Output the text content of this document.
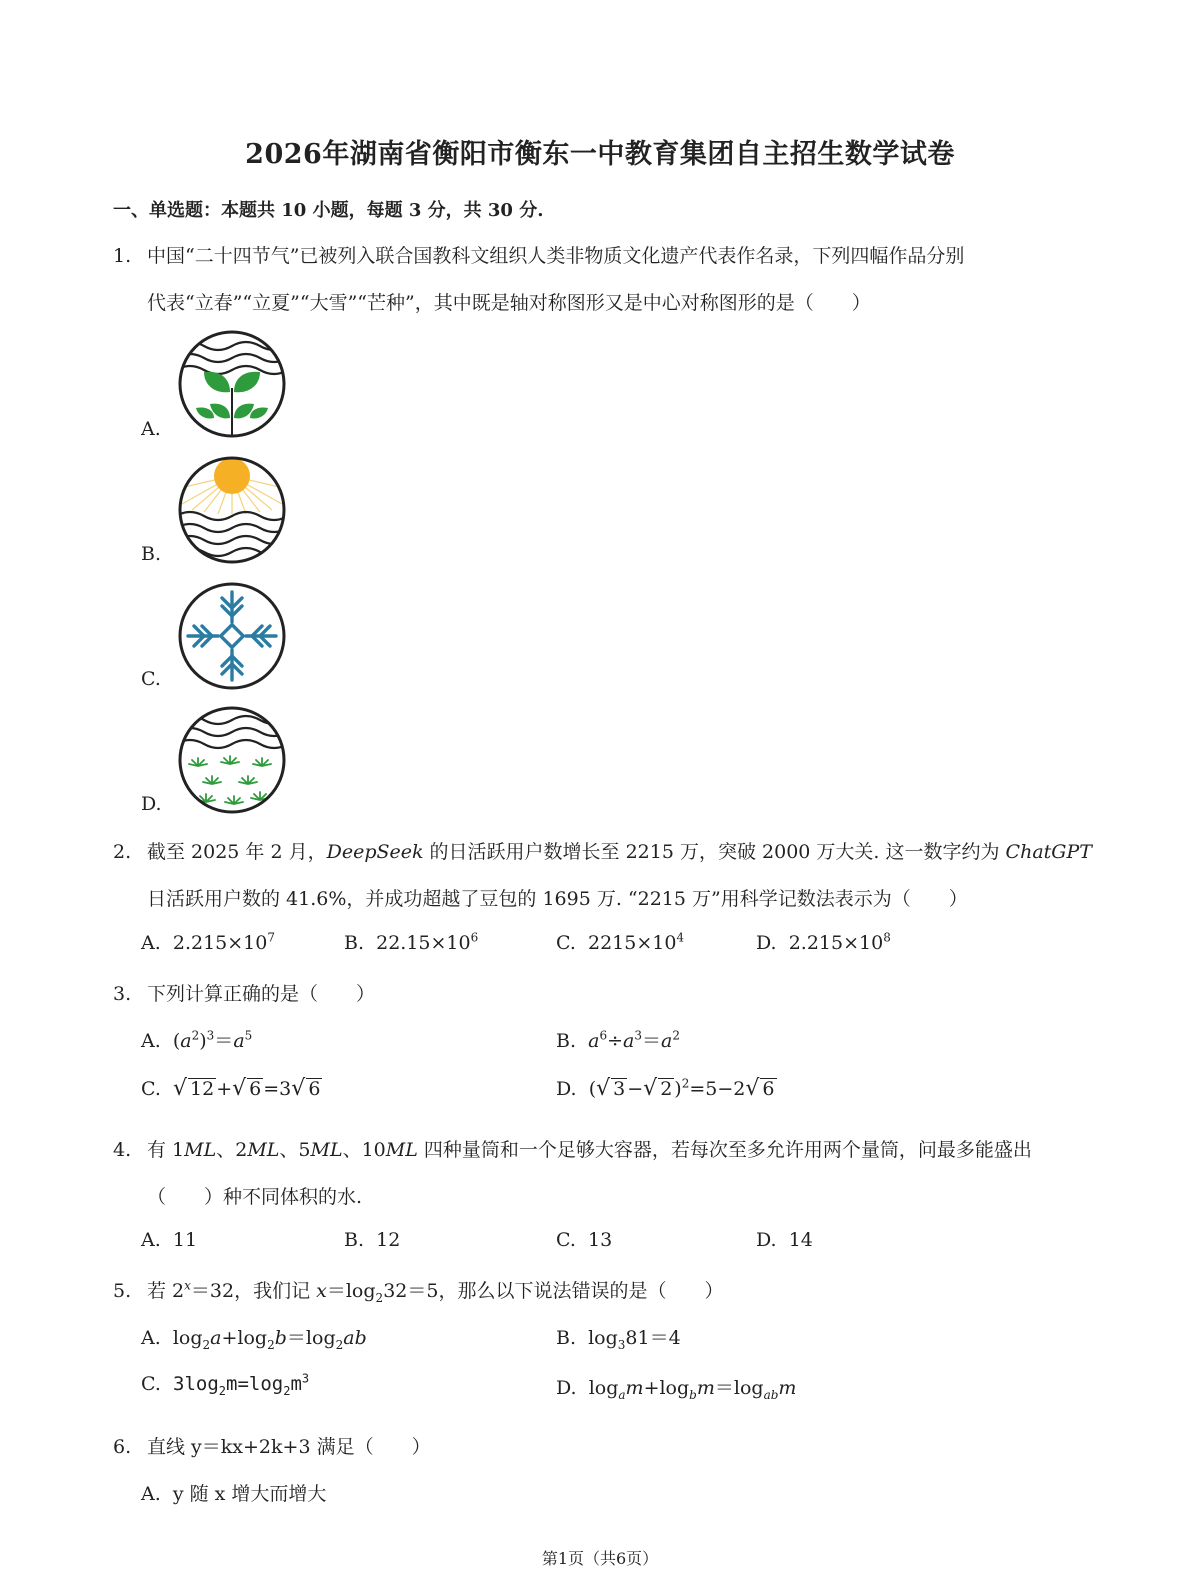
2026年湖南省衡阳市衡东一中教育集团自主招生数学试卷
一、单选题：本题共 10 小题，每题 3 分，共 30 分.
1. 中国“二十四节气”已被列入联合国教科文组织人类非物质文化遗产代表作名录，下列四幅作品分别
代表“立春”“立夏”“大雪”“芒种”，其中既是轴对称图形又是中心对称图形的是（　　）
A.
B.
C.
D.
2. 截至 2025 年 2 月，DeepSeek 的日活跃用户数增长至 2215 万，突破 2000 万大关. 这一数字约为 ChatGPT
日活跃用户数的 41.6%，并成功超越了豆包的 1695 万. “2215 万”用科学记数法表示为（　　）
A. $2.215\times 10^7$	B. $22.15\times 10^6$	C. $2215\times 10^4$	D. $2.215\times 10^8$
3. 下列计算正确的是（　　）
A.  $(a^2)^3=a^5$	B. $a^6\div a^3=a^2$
C. √ 12 +√ 6 =3√ 6	D.  (√ 3 −√ 2 )$^2$=5−2√ 6
4. 有 1ML、2ML、5ML、10ML 四种量筒和一个足够大容器，若每次至多允许用两个量筒，问最多能盛出
（　　）种不同体积的水.
A. 11	B. 12	C. 13	D. 14
5. 若 $2^x=32$，我们记 $x=\log_232=5$，那么以下说法错误的是（　　）
A.  $\log_2a+\log_2b=\log_2ab$	B.  $\log_381=4$
C. $3\log_2m=\log_2m^3$	D.  $\log_am+\log_bm=\log_{ab}m$
6. 直线 y＝kx+2k+3 满足（　　）
A. y 随 x 增大而增大
第1页（共6页）
